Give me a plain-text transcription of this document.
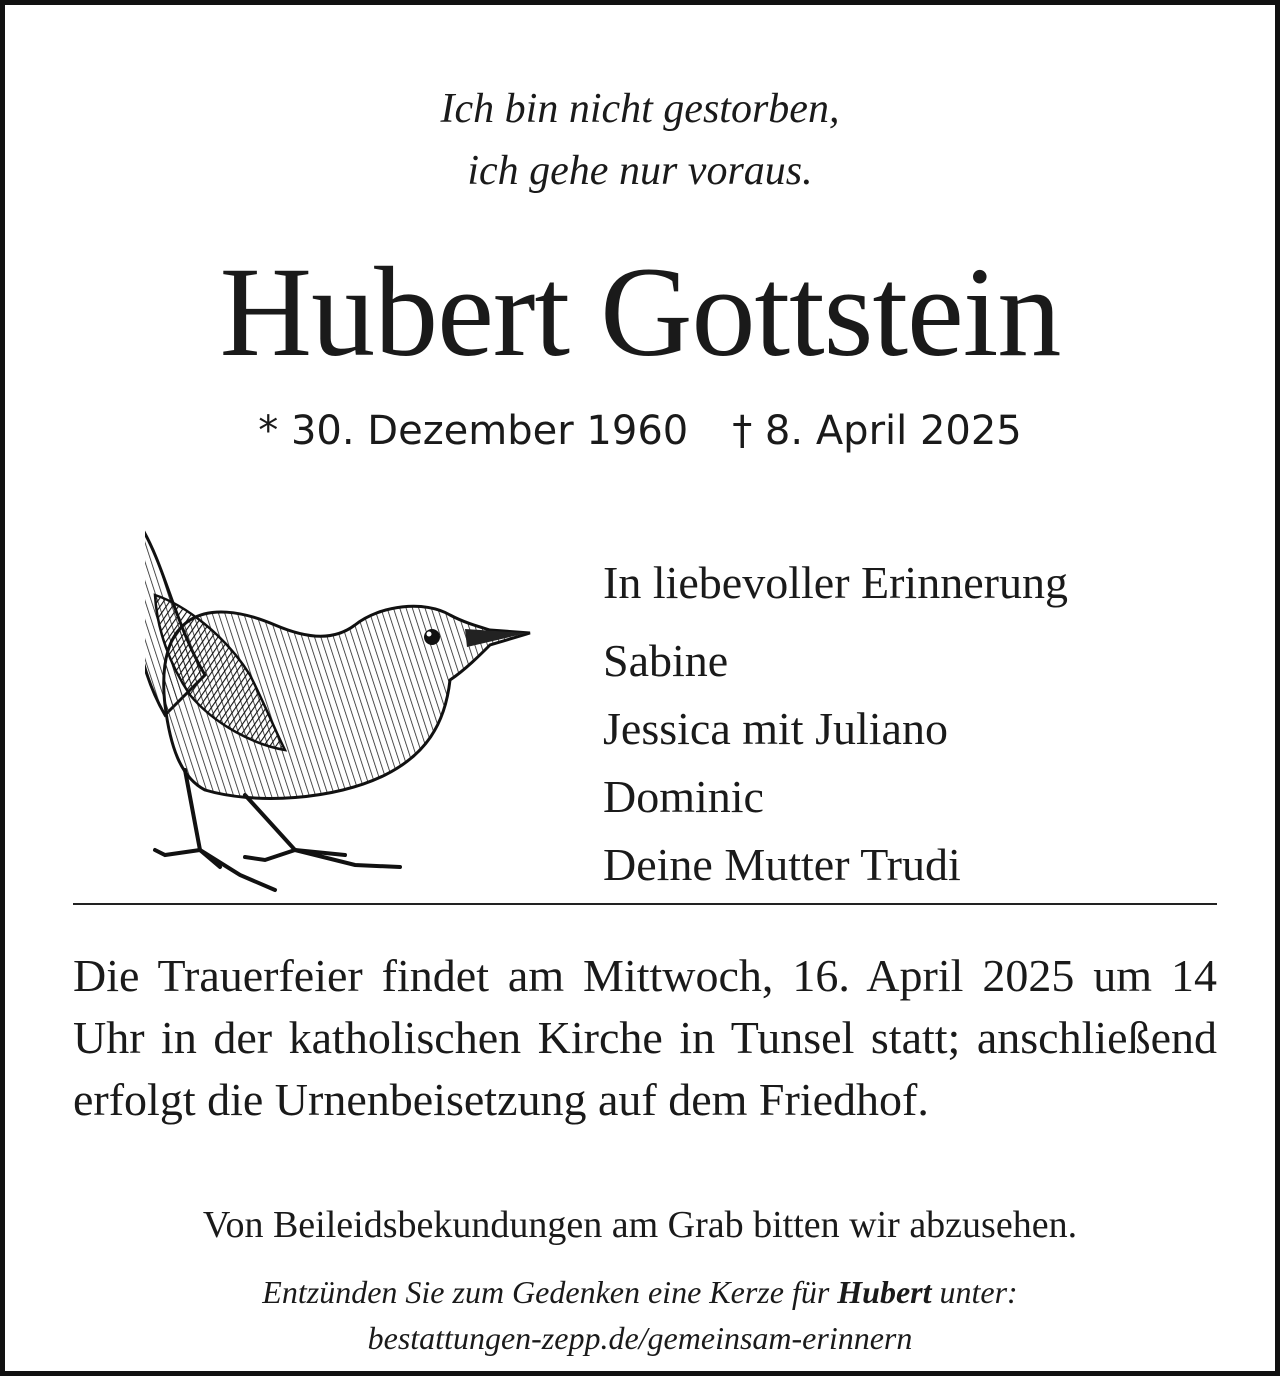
Ich bin nicht gestorben,
ich gehe nur voraus.
Hubert Gottstein
* 30. Dezember 1960 † 8. April 2025
In liebevoller Erinnerung
Sabine
Jessica mit Juliano
Dominic
Deine Mutter Trudi
Die Trauerfeier findet am Mittwoch, 16. April 2025 um 14 Uhr in der katholischen Kirche in Tunsel statt; anschließend erfolgt die Urnenbeisetzung auf dem Friedhof.
Von Beileidsbekundungen am Grab bitten wir abzusehen.
Entzünden Sie zum Gedenken eine Kerze für Hubert unter:
bestattungen-zepp.de/gemeinsam-erinnern
